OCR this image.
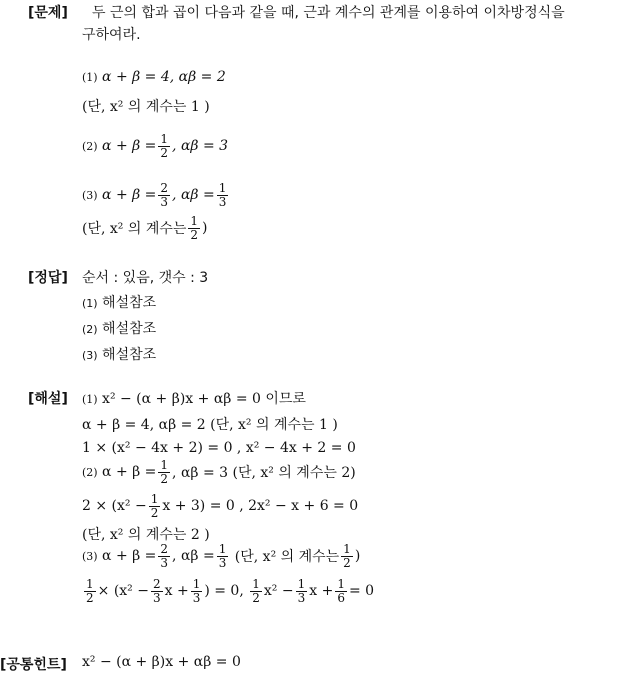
[문제] 두 근의 합과 곱이 다음과 같을 때, 근과 계수의 관계를 이용하여 이차방정식을
구하여라.
(1) α + β = 4, αβ = 2
(단, x² 의 계수는 1 )
(2)
$\alpha + \beta = \frac{1}{2}$ , αβ = 3
(3)
$\alpha + \beta = \frac{2}{3}$ , $\alpha\beta = \frac{1}{3}$
(단, x² 의 계수는 $\frac{1}{2}$ )
[정답] 순서 : 있음, 갯수 : 3
(1) 해설참조
(2) 해설참조
(3) 해설참조
[해설] (1) x² − (α + β)x + αβ = 0 이므로
α + β = 4, αβ = 2 (단, x² 의 계수는 1 )
1 × (x² − 4x + 2) = 0 , x² − 4x + 2 = 0
(2)
$\alpha + \beta = \frac{1}{2}$ , αβ = 3 (단, x² 의 계수는 2)
$2 \times (x^2 - \frac{1}{2}$ x + 3) = 0 , 2x² − x + 6 = 0
(단, x² 의 계수는 2 )
(3)
$\alpha + \beta = \frac{2}{3}$ , $\alpha\beta = \frac{1}{3}$
(단, x² 의 계수는 $\frac{1}{2}$ )
$\frac{1}{2} \times (x^2 - \frac{2}{3}$ $x + \frac{1}{3}$ ) = 0,
$\frac{1}{2} x^2 - \frac{1}{3}$ $x + \frac{1}{6} = 0$
[공통힌트] x² − (α + β)x + αβ = 0
